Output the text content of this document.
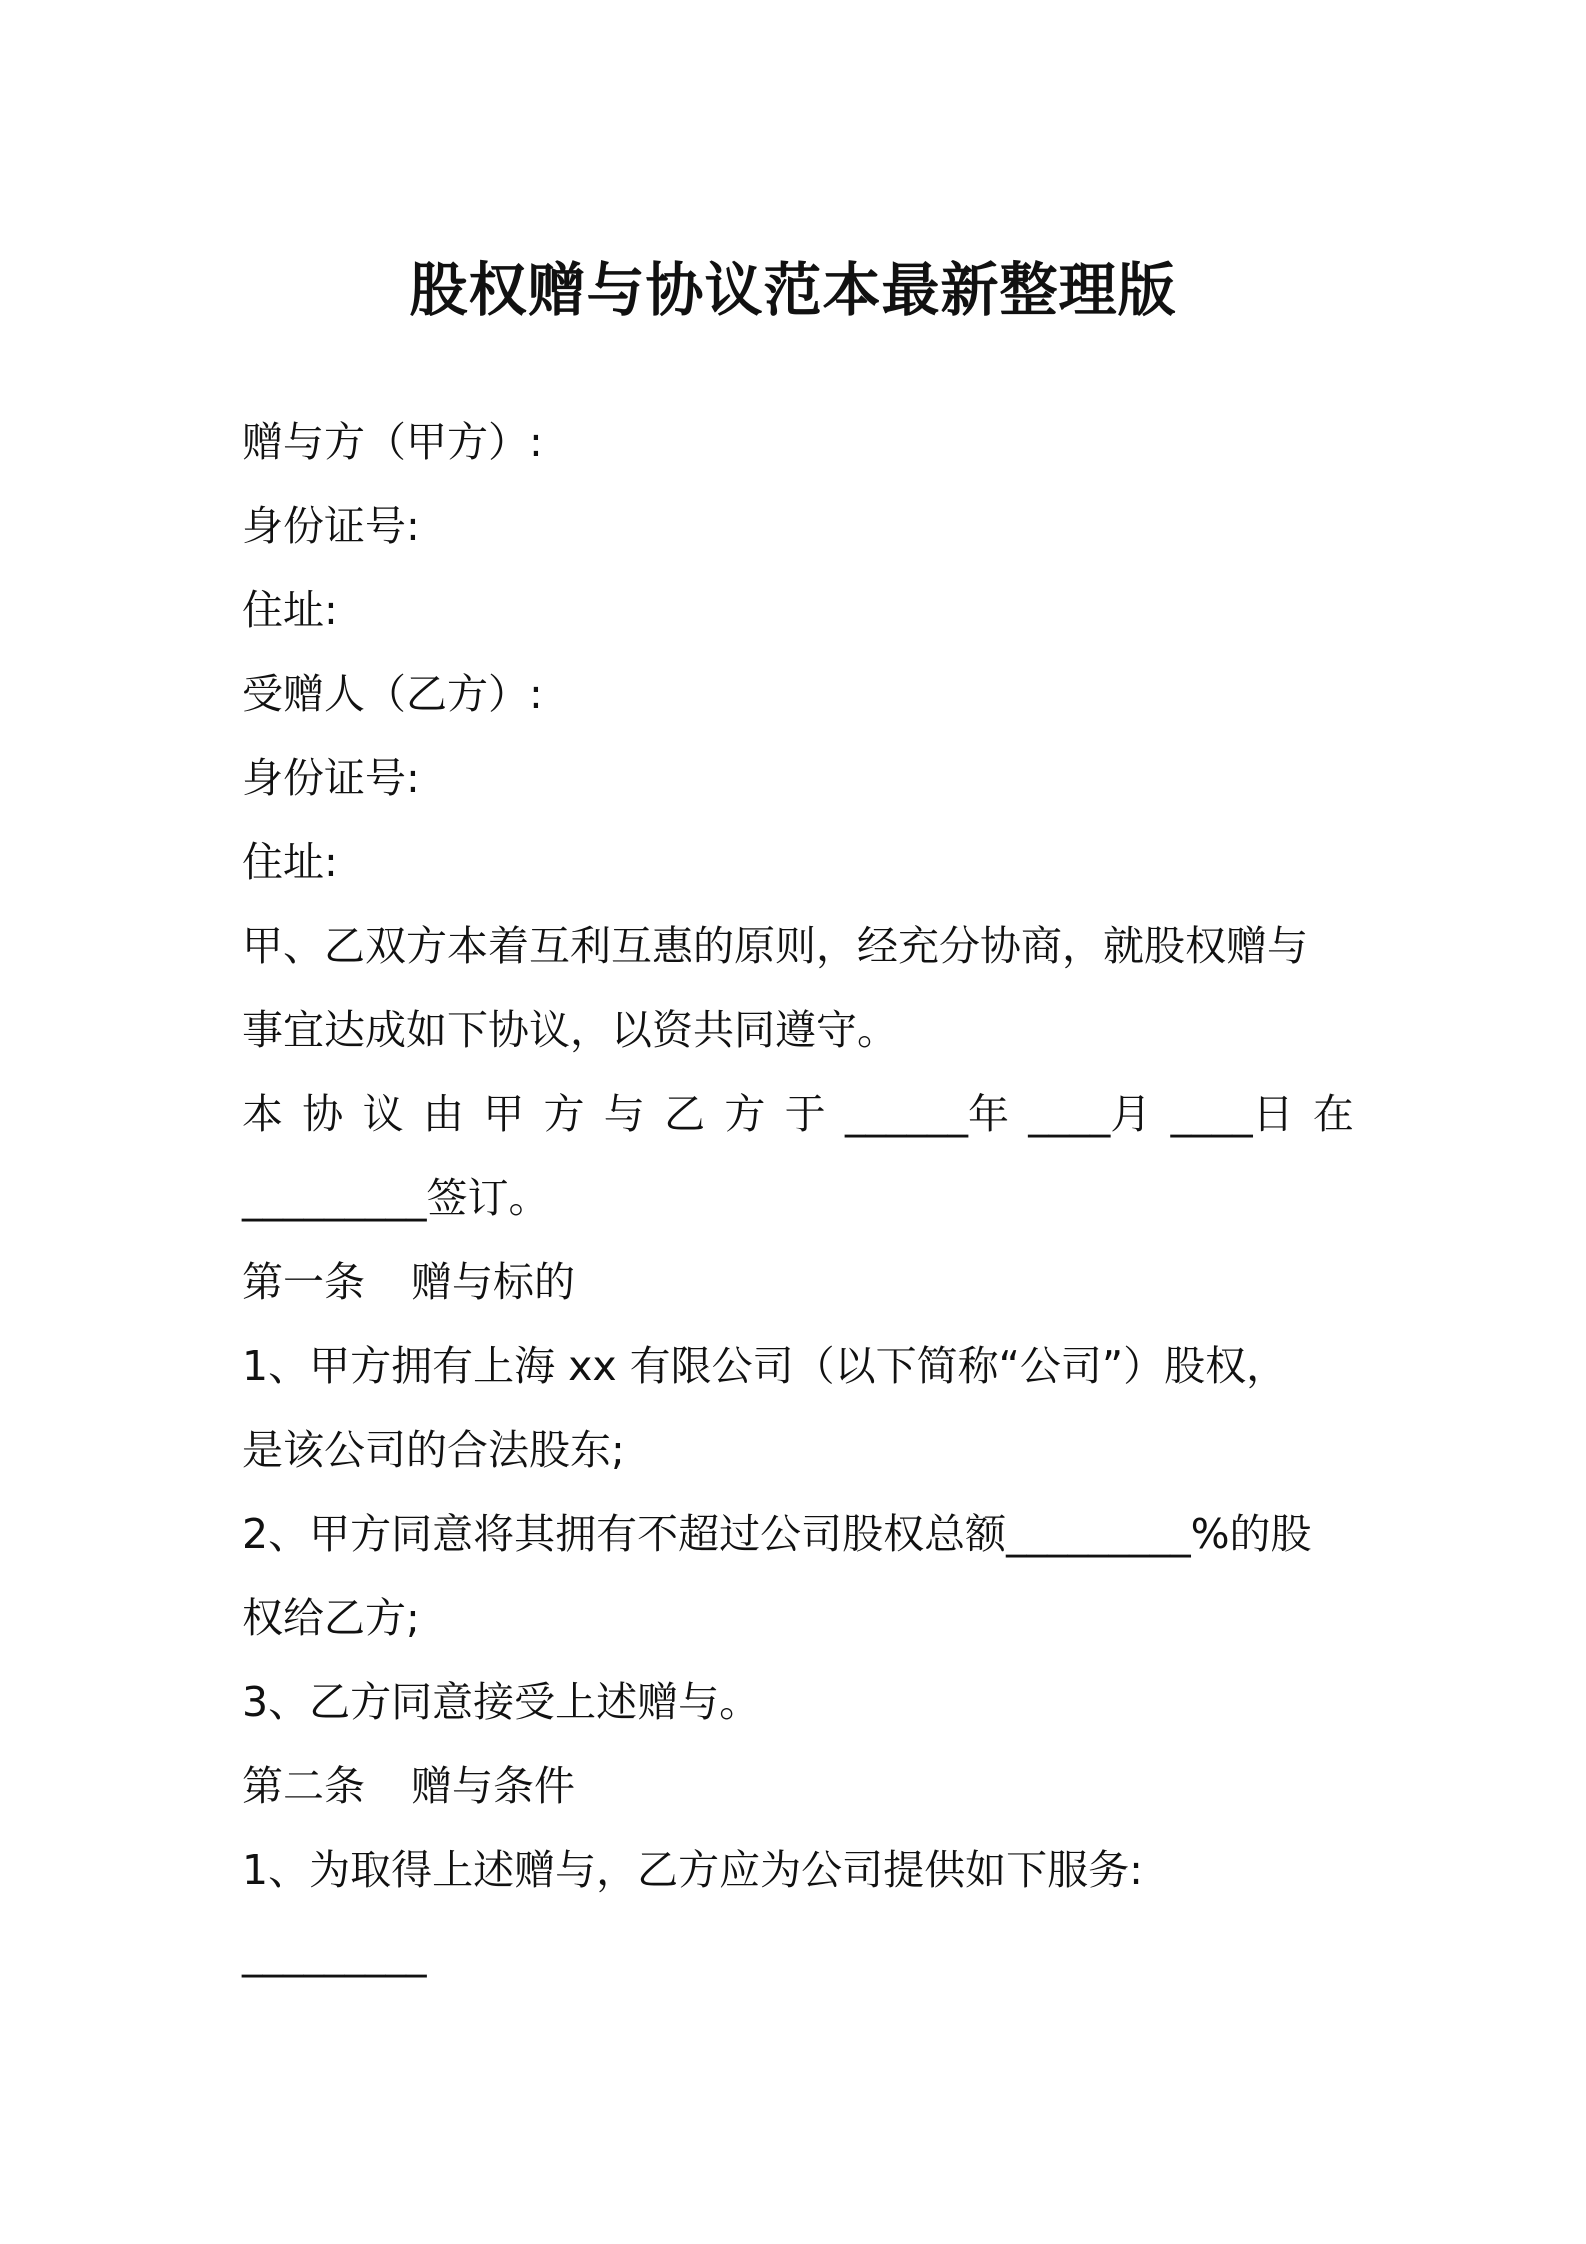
股权赠与协议范本最新整理版
赠与方（甲方）:
身份证号:
住址:
受赠人（乙方）:
身份证号:
住址:
甲、乙双方本着互利互惠的原则，经充分协商，就股权赠与
事宜达成如下协议，以资共同遵守。
本 协 议 由 甲 方 与 乙 方 于 ______年 ____月 ____日 在
_________签订。
第一条 赠与标的
1、甲方拥有上海 xx 有限公司（以下简称“公司”）股权，
是该公司的合法股东;
2、甲方同意将其拥有不超过公司股权总额_________%的股
权给乙方;
3、乙方同意接受上述赠与。
第二条 赠与条件
1、为取得上述赠与，乙方应为公司提供如下服务:
_________
